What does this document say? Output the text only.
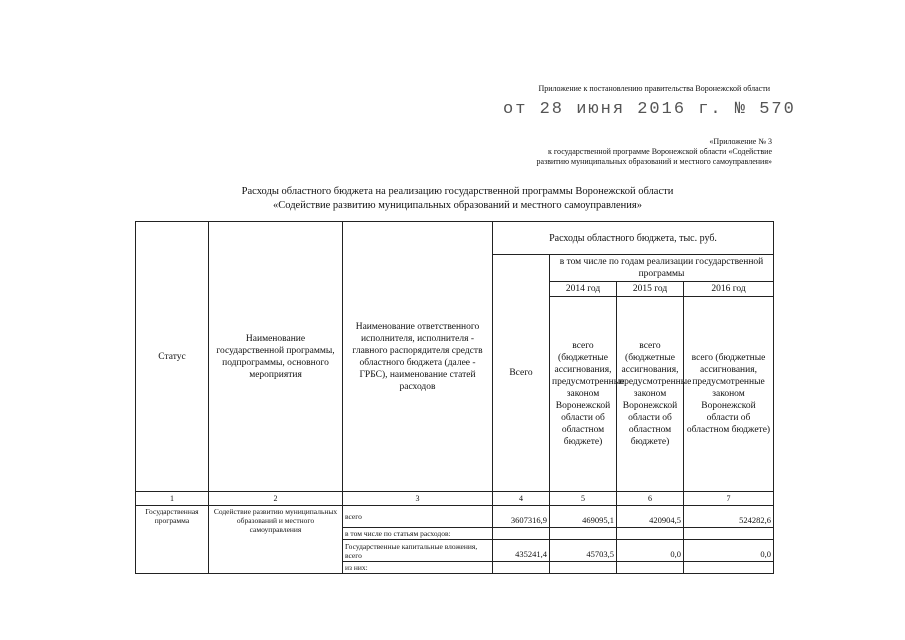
Приложение к постановлению правительства Воронежской области
от 28 июня 2016 г. № 570
«Приложение № 3
к государственной программе Воронежской области «Содействие
развитию муниципальных образований и местного самоуправления»
Расходы областного бюджета на реализацию государственной программы Воронежской области
«Содействие развитию муниципальных образований и местного самоуправления»
Статус	Наименование государственной программы, подпрограммы, основного мероприятия	Наименование ответственного исполнителя, исполнителя - главного распорядителя средств областного бюджета (далее - ГРБС), наименование статей расходов	Расходы областного бюджета, тыс. руб.			
			Всего	в том числе по годам реализации государственной программы		
				2014 год	2015 год	2016 год
				всего (бюджетные ассигнования, предусмотренные законом Воронежской области об областном бюджете)	всего (бюджетные ассигнования, предусмотренные законом Воронежской области об областном бюджете)	всего (бюджетные ассигнования, предусмотренные законом Воронежской области об областном бюджете)
1	2	3	4	5	6	7
Государственная программа	Содействие развитию муниципальных образований и местного самоуправления	всего	3607316,9	469095,1	420904,5	524282,6
		в том числе по статьям расходов:				
		Государственные капитальные вложения, всего	435241,4	45703,5	0,0	0,0
		из них:				
